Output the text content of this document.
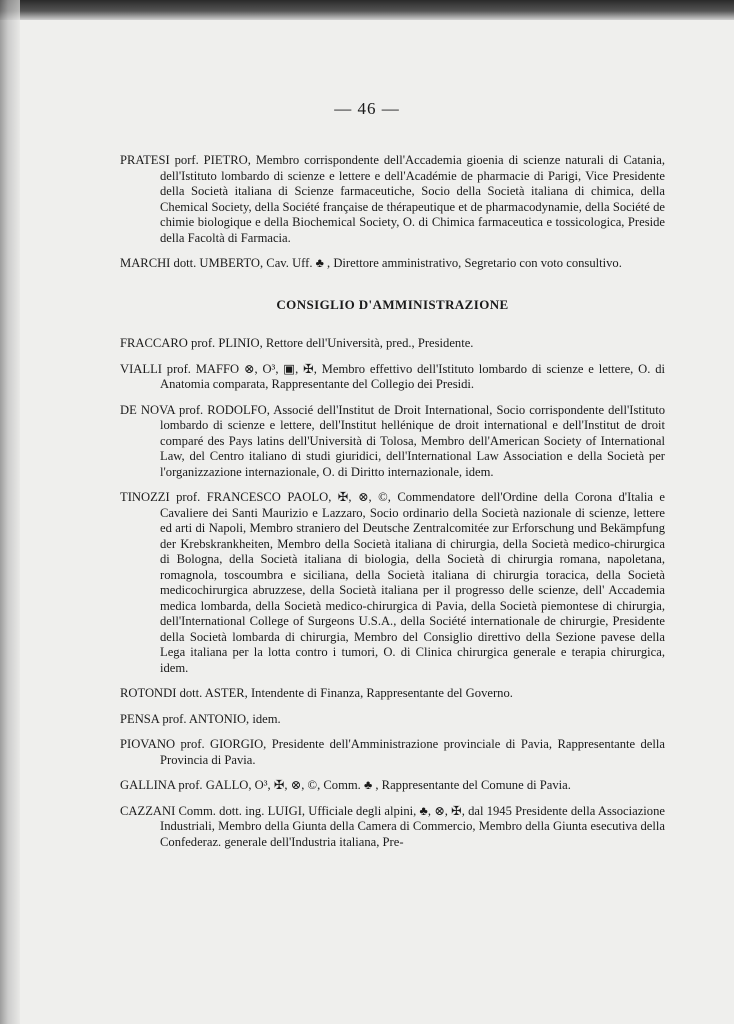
— 46 —

PRATESI porf. PIETRO, Membro corrispondente dell'Accademia gioenia di scienze naturali di Catania, dell'Istituto lombardo di scienze e lettere e dell'Académie de pharmacie di Parigi, Vice Presidente della Società italiana di Scienze farmaceutiche, Socio della Società italiana di chimica, della Chemical Society, della Société française de thérapeutique et de pharmacodynamie, della Société de chimie biologique e della Biochemical Society, O. di Chimica farmaceutica e tossicologica, Preside della Facoltà di Farmacia.

MARCHI dott. UMBERTO, Cav. Uff. ♣ , Direttore amministrativo, Segretario con voto consultivo.

CONSIGLIO D'AMMINISTRAZIONE

FRACCARO prof. PLINIO, Rettore dell'Università, pred., Presidente.

VIALLI prof. MAFFO ⊗, O³, ▣, ✠, Membro effettivo dell'Istituto lombardo di scienze e lettere, O. di Anatomia comparata, Rappresentante del Collegio dei Presidi.

DE NOVA prof. RODOLFO, Associé dell'Institut de Droit International, Socio corrispondente dell'Istituto lombardo di scienze e lettere, dell'Institut hellénique de droit international e dell'Institut de droit comparé des Pays latins dell'Università di Tolosa, Membro dell'American Society of International Law, del Centro italiano di studi giuridici, dell'International Law Association e della Società per l'organizzazione internazionale, O. di Diritto internazionale, idem.

TINOZZI prof. FRANCESCO PAOLO, ✠, ⊗, ©, Commendatore dell'Ordine della Corona d'Italia e Cavaliere dei Santi Maurizio e Lazzaro, Socio ordinario della Società nazionale di scienze, lettere ed arti di Napoli, Membro straniero del Deutsche Zentralcomitée zur Erforschung und Bekämpfung der Krebskrankheiten, Membro della Società italiana di chirurgia, della Società medico-chirurgica di Bologna, della Società italiana di biologia, della Società di chirurgia romana, napoletana, romagnola, toscoumbra e siciliana, della Società italiana di chirurgia toracica, della Società medicochirurgica abruzzese, della Società italiana per il progresso delle scienze, dell' Accademia medica lombarda, della Società medico-chirurgica di Pavia, della Società piemontese di chirurgia, dell'International College of Surgeons U.S.A., della Société internationale de chirurgie, Presidente della Società lombarda di chirurgia, Membro del Consiglio direttivo della Sezione pavese della Lega italiana per la lotta contro i tumori, O. di Clinica chirurgica generale e terapia chirurgica, idem.

ROTONDI dott. ASTER, Intendente di Finanza, Rappresentante del Governo.

PENSA prof. ANTONIO, idem.

PIOVANO prof. GIORGIO, Presidente dell'Amministrazione provinciale di Pavia, Rappresentante della Provincia di Pavia.

GALLINA prof. GALLO, O³, ✠, ⊗, ©, Comm. ♣ , Rappresentante del Comune di Pavia.

CAZZANI Comm. dott. ing. LUIGI, Ufficiale degli alpini, ♣, ⊗, ✠, dal 1945 Presidente della Associazione Industriali, Membro della Giunta della Camera di Commercio, Membro della Giunta esecutiva della Confederaz. generale dell'Industria italiana, Pre-
